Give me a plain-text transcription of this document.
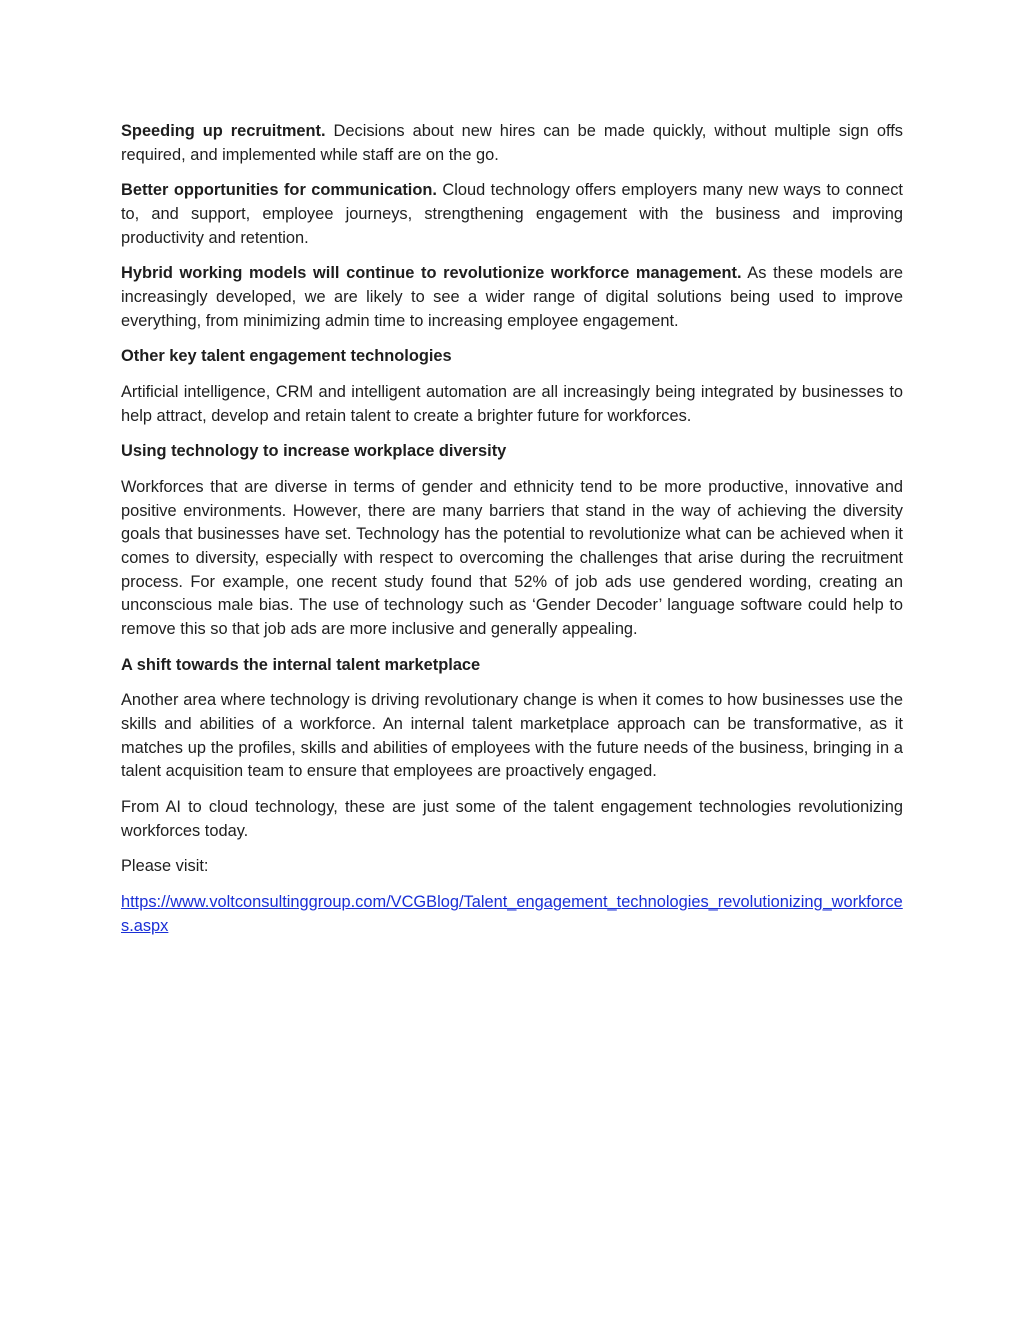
Speeding up recruitment. Decisions about new hires can be made quickly, without multiple sign offs required, and implemented while staff are on the go.

Better opportunities for communication. Cloud technology offers employers many new ways to connect to, and support, employee journeys, strengthening engagement with the business and improving productivity and retention.

Hybrid working models will continue to revolutionize workforce management. As these models are increasingly developed, we are likely to see a wider range of digital solutions being used to improve everything, from minimizing admin time to increasing employee engagement.

Other key talent engagement technologies

Artificial intelligence, CRM and intelligent automation are all increasingly being integrated by businesses to help attract, develop and retain talent to create a brighter future for workforces.

Using technology to increase workplace diversity

Workforces that are diverse in terms of gender and ethnicity tend to be more productive, innovative and positive environments. However, there are many barriers that stand in the way of achieving the diversity goals that businesses have set. Technology has the potential to revolutionize what can be achieved when it comes to diversity, especially with respect to overcoming the challenges that arise during the recruitment process. For example, one recent study found that 52% of job ads use gendered wording, creating an unconscious male bias. The use of technology such as ‘Gender Decoder’ language software could help to remove this so that job ads are more inclusive and generally appealing.

A shift towards the internal talent marketplace

Another area where technology is driving revolutionary change is when it comes to how businesses use the skills and abilities of a workforce. An internal talent marketplace approach can be transformative, as it matches up the profiles, skills and abilities of employees with the future needs of the business, bringing in a talent acquisition team to ensure that employees are proactively engaged.

From AI to cloud technology, these are just some of the talent engagement technologies revolutionizing workforces today.

Please visit:

https://www.voltconsultinggroup.com/VCGBlog/Talent_engagement_technologies_revolutionizing_workforces.aspx
